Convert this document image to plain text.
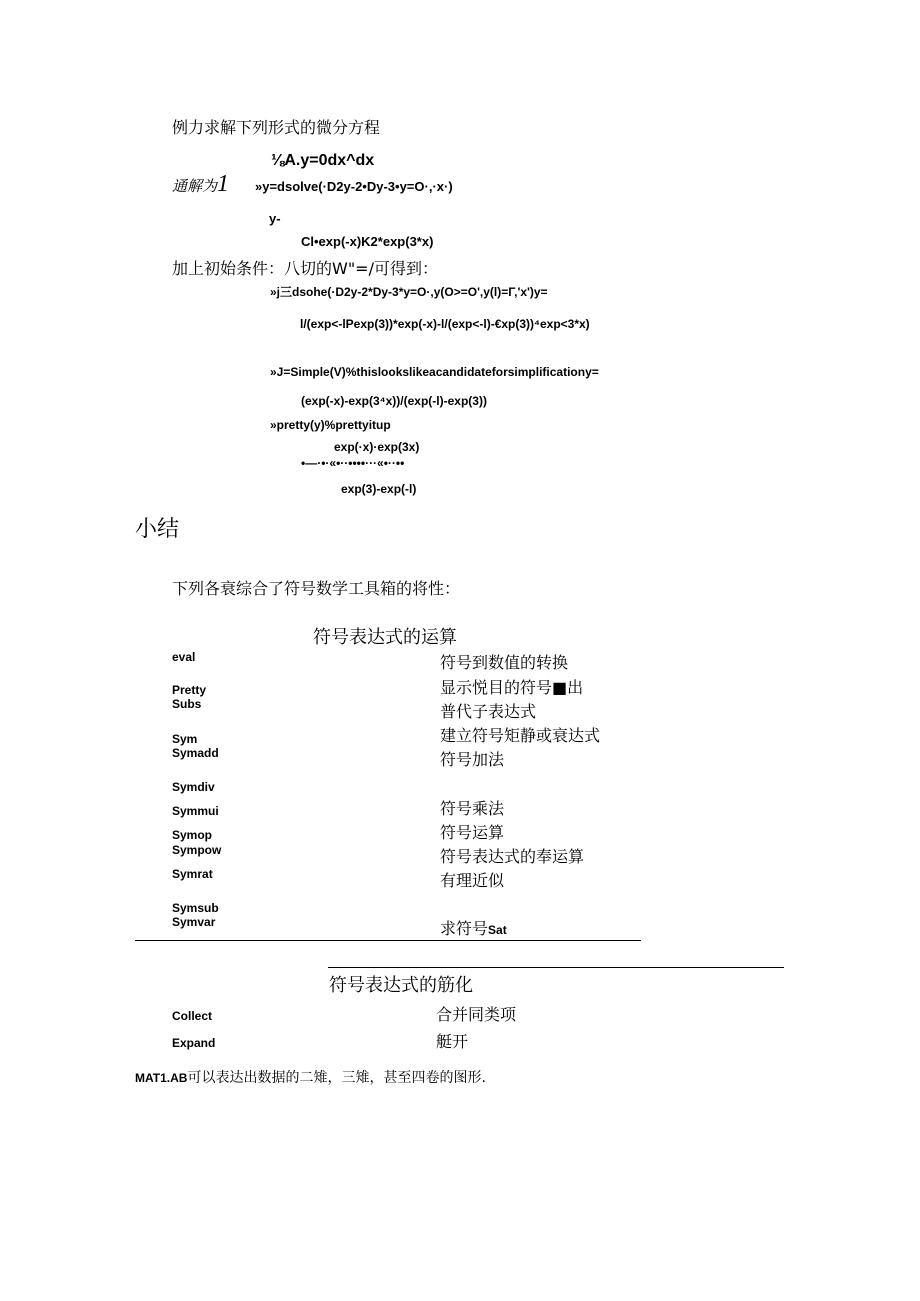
例力求解下列形式的微分方程
⅛A.y=0dx^dx
通解为1 »y=dsolve(·D2y-2•Dy-3•y=O·,·x·)
y-
Cl•exp(-x)K2*exp(3*x)
加上初始条件：八切的W"=/可得到：
»j三dsohe(·D2y-2*Dy-3*y=O·,y(O>=O',y(l)=Γ,'x')y=
l/(exp<-lPexp(3))*exp(-x)-l/(exp<-l)-€xp(3))⁴exp<3*x)
»J=Simple(V)%thislookslikeacandidateforsimplificationy=
(exp(-x)-exp(3⁴x))/(exp(-l)-exp(3))
»pretty(y)%prettyitup
exp(·x)·exp(3x)
•—·•·«•··••••···«•··••
exp(3)-exp(-l)
小结
下列各衰综合了符号数学工具箱的将性：
符号表达式的运算
eval
Pretty
Subs
Sym
Symadd
Symdiv
Symmui
Symop
Sympow
Symrat
Symsub
Symvar
符号到数值的转换
显示悦目的符号■出
普代子表达式
建立符号矩静或衰达式
符号加法
符号乘法
符号运算
符号表达式的奉运算
有理近似
求符号Sat
符号表达式的筋化
Collect	合并同类项
Expand	艇开
MAT1.AB可以表达出数据的二雉，三雉，甚至四卷的图形.
